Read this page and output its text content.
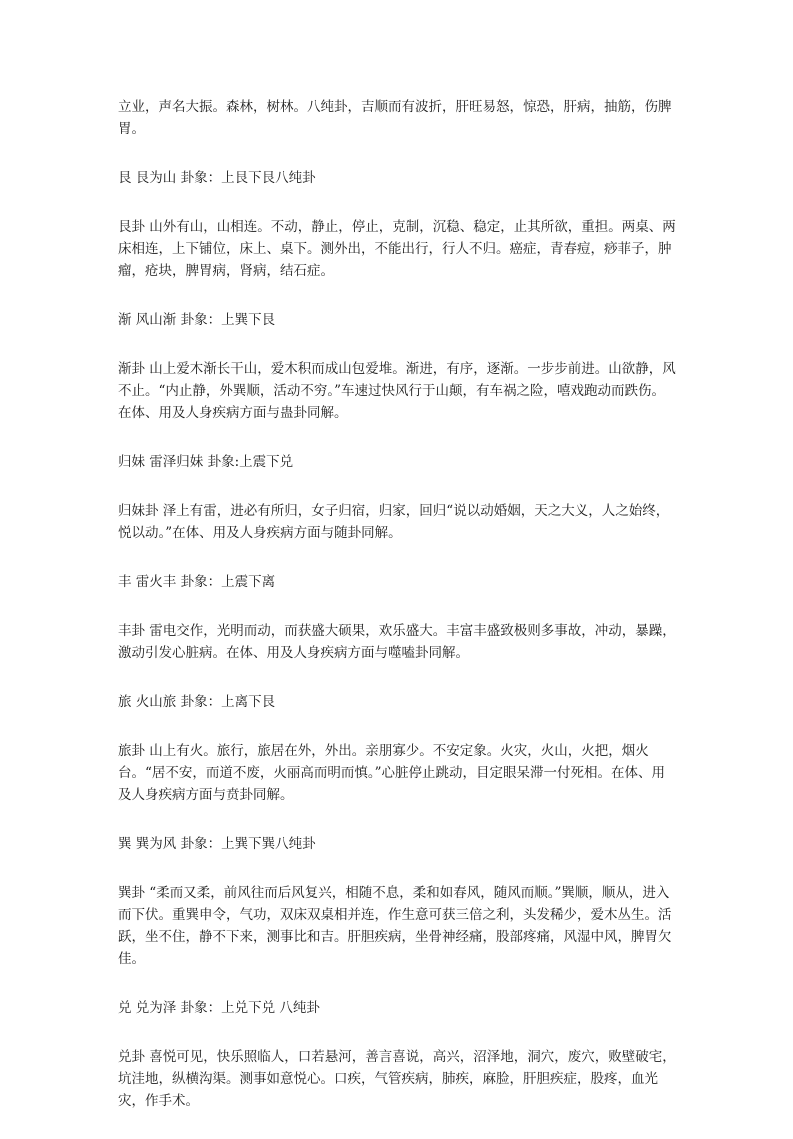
立业，声名大振。森林，树林。八纯卦，吉顺而有波折，肝旺易怒，惊恐，肝病，抽筋，伤脾胃。

艮 艮为山 卦象：上艮下艮八纯卦

艮卦 山外有山，山相连。不动，静止，停止，克制，沉稳、稳定，止其所欲，重担。两桌、两床相连，上下铺位，床上、桌下。测外出，不能出行，行人不归。癌症，青春痘，痧菲子，肿瘤，疮块，脾胃病，肾病，结石症。

渐 风山渐 卦象：上巽下艮

渐卦 山上爱木渐长干山，爱木积而成山包爱堆。渐进，有序，逐渐。一步步前进。山欲静，风不止。“内止静，外巽顺，活动不穷。”车速过快风行于山颠，有车祸之险，嘻戏跑动而跌伤。在体、用及人身疾病方面与蛊卦同解。

归妹 雷泽归妹 卦象:上震下兑

归妹卦 泽上有雷，进必有所归，女子归宿，归家，回归“说以动婚姻，天之大义，人之始终，悦以动。”在体、用及人身疾病方面与随卦同解。

丰 雷火丰 卦象：上震下离

丰卦 雷电交作，光明而动，而获盛大硕果，欢乐盛大。丰富丰盛致极则多事故，冲动，暴躁，激动引发心脏病。在体、用及人身疾病方面与噬嗑卦同解。

旅 火山旅 卦象：上离下艮

旅卦 山上有火。旅行，旅居在外，外出。亲朋寡少。不安定象。火灾，火山，火把，烟火台。“居不安，而道不废，火丽高而明而慎。”心脏停止跳动，目定眼呆滞一付死相。在体、用及人身疾病方面与贲卦同解。

巽 巽为风 卦象：上巽下巽八纯卦

巽卦 “柔而又柔，前风往而后风复兴，相随不息，柔和如春风，随风而顺。”巽顺，顺从，进入而下伏。重巽申令，气功，双床双桌相并连，作生意可获三倍之利，头发稀少，爱木丛生。活跃，坐不住，静不下来，测事比和吉。肝胆疾病，坐骨神经痛，股部疼痛，风湿中风，脾胃欠佳。

兑 兑为泽 卦象：上兑下兑 八纯卦

兑卦 喜悦可见，快乐照临人，口若悬河，善言喜说，高兴，沼泽地，洞穴，废穴，败壁破宅，坑洼地，纵横沟渠。测事如意悦心。口疾，气管疾病，肺疾，麻脸，肝胆疾症，股疼，血光灾，作手术。
